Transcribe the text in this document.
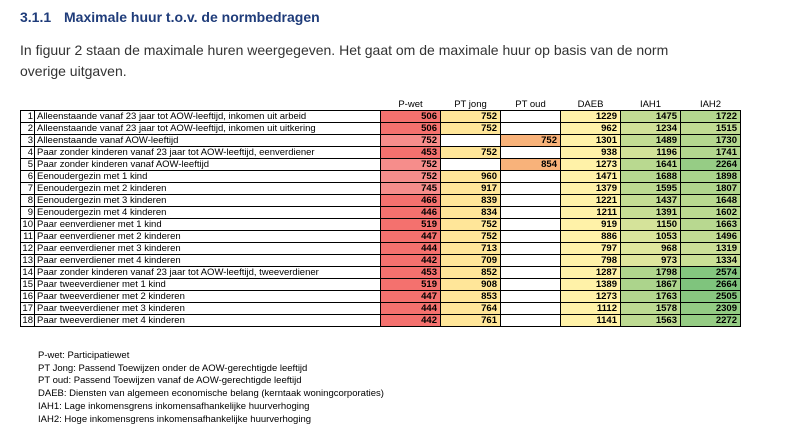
3.1.1 Maximale huur t.o.v. de normbedragen
In figuur 2 staan de maximale huren weergegeven. Het gaat om de maximale huur op basis van de norm overige uitgaven.
		P-wet	PT jong	PT oud	DAEB	IAH1	IAH2
1	Alleenstaande vanaf 23 jaar tot AOW-leeftijd, inkomen uit arbeid	506	752		1229	1475	1722
2	Alleenstaande vanaf 23 jaar tot AOW-leeftijd, inkomen uit uitkering	506	752		962	1234	1515
3	Alleenstaande vanaf AOW-leeftijd	752		752	1301	1489	1730
4	Paar zonder kinderen vanaf 23 jaar tot AOW-leeftijd, eenverdiener	453	752		938	1196	1741
5	Paar zonder kinderen vanaf AOW-leeftijd	752		854	1273	1641	2264
6	Eenoudergezin met 1 kind	752	960		1471	1688	1898
7	Eenoudergezin met 2 kinderen	745	917		1379	1595	1807
8	Eenoudergezin met 3 kinderen	466	839		1221	1437	1648
9	Eenoudergezin met 4 kinderen	446	834		1211	1391	1602
10	Paar eenverdiener met 1 kind	519	752		919	1150	1663
11	Paar eenverdiener met 2 kinderen	447	752		886	1053	1496
12	Paar eenverdiener met 3 kinderen	444	713		797	968	1319
13	Paar eenverdiener met 4 kinderen	442	709		798	973	1334
14	Paar zonder kinderen vanaf 23 jaar tot AOW-leeftijd, tweeverdiener	453	852		1287	1798	2574
15	Paar tweeverdiener met 1 kind	519	908		1389	1867	2664
16	Paar tweeverdiener met 2 kinderen	447	853		1273	1763	2505
17	Paar tweeverdiener met 3 kinderen	444	764		1112	1578	2309
18	Paar tweeverdiener met 4 kinderen	442	761		1141	1563	2272
P-wet: Participatiewet
PT Jong: Passend Toewijzen onder de AOW-gerechtigde leeftijd
PT oud: Passend Toewijzen vanaf de AOW-gerechtigde leeftijd
DAEB: Diensten van algemeen economische belang (kerntaak woningcorporaties)
IAH1: Lage inkomensgrens inkomensafhankelijke huurverhoging
IAH2: Hoge inkomensgrens inkomensafhankelijke huurverhoging
